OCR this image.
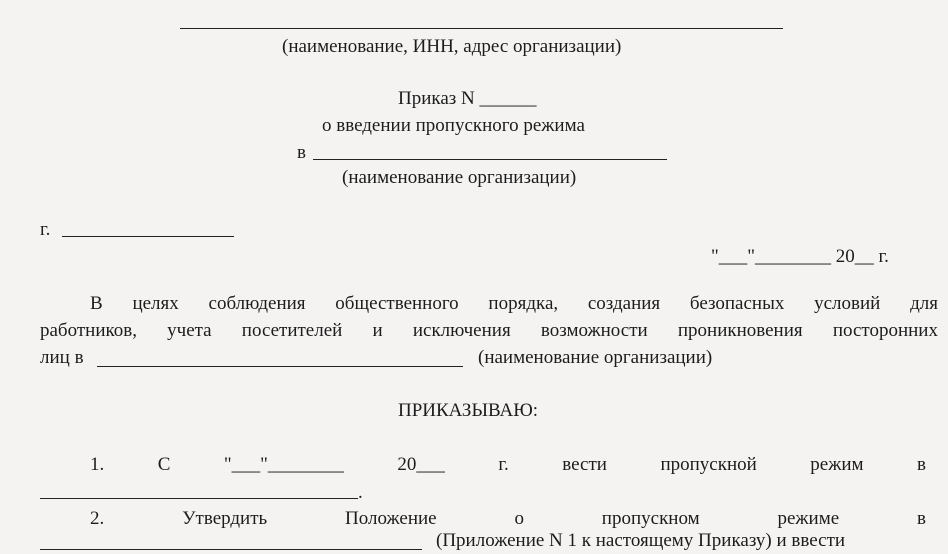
(наименование, ИНН, адрес организации)
Приказ N ______
о введении пропускного режима
в
(наименование организации)
г.
"___"________ 20__ г.
В целях соблюдения общественного порядка, создания безопасных условий для
работников, учета посетителей и исключения возможности проникновения посторонних
лиц в	(наименование организации)
ПРИКАЗЫВАЮ:
1.	С	"___"________	20___	г.	вести	пропускной	режим	в
.
2.	Утвердить	Положение	о	пропускном	режиме	в
(Приложение N 1 к настоящему Приказу) и ввести
